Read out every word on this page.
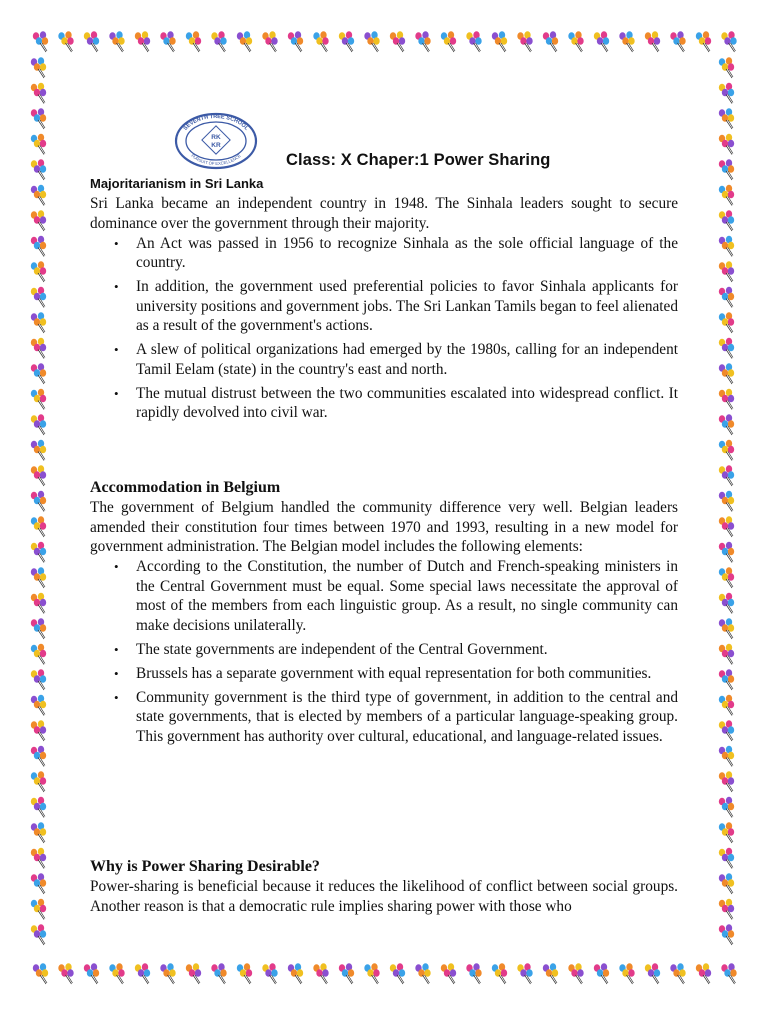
SEVENTH TREE SCHOOL
PURSUIT OF EXCELLENCE
RK
KR
Class: X Chaper:1 Power Sharing
Majoritarianism in Sri Lanka

Sri Lanka became an independent country in 1948. The Sinhala leaders sought to secure dominance over the government through their majority.

• An Act was passed in 1956 to recognize Sinhala as the sole official language of the country.
• In addition, the government used preferential policies to favor Sinhala applicants for university positions and government jobs. The Sri Lankan Tamils began to feel alienated as a result of the government's actions.
• A slew of political organizations had emerged by the 1980s, calling for an independent Tamil Eelam (state) in the country's east and north.
• The mutual distrust between the two communities escalated into widespread conflict. It rapidly devolved into civil war.
Accommodation in Belgium

The government of Belgium handled the community difference very well. Belgian leaders amended their constitution four times between 1970 and 1993, resulting in a new model for government administration. The Belgian model includes the following elements:

• According to the Constitution, the number of Dutch and French-speaking ministers in the Central Government must be equal. Some special laws necessitate the approval of most of the members from each linguistic group. As a result, no single community can make decisions unilaterally.
• The state governments are independent of the Central Government.
• Brussels has a separate government with equal representation for both communities.
• Community government is the third type of government, in addition to the central and state governments, that is elected by members of a particular language-speaking group. This government has authority over cultural, educational, and language-related issues.
Why is Power Sharing Desirable?

Power-sharing is beneficial because it reduces the likelihood of conflict between social groups. Another reason is that a democratic rule implies sharing power with those who
